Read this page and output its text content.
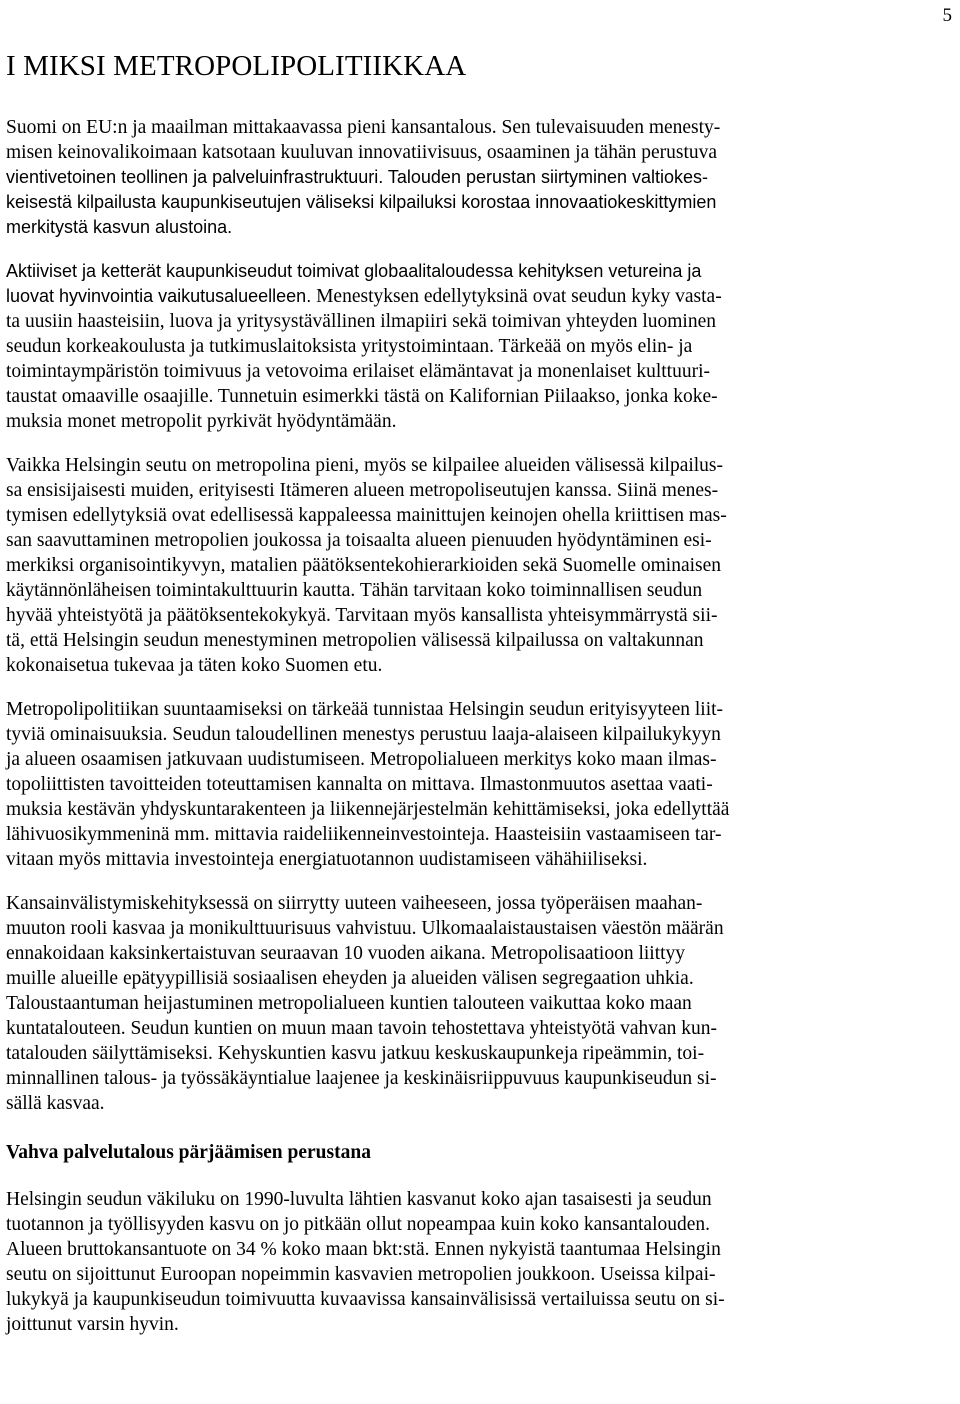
5
I MIKSI METROPOLIPOLITIIKKAA

Suomi on EU:n ja maailman mittakaavassa pieni kansantalous. Sen tulevaisuuden menesty-
misen keinovalikoimaan katsotaan kuuluvan innovatiivisuus, osaaminen ja tähän perustuva
vientivetoinen teollinen ja palveluinfrastruktuuri. Talouden perustan siirtyminen valtiokes-
keisestä kilpailusta kaupunkiseutujen väliseksi kilpailuksi korostaa innovaatiokeskittymien
merkitystä kasvun alustoina.

Aktiiviset ja ketterät kaupunkiseudut toimivat globaalitaloudessa kehityksen vetureina ja
luovat hyvinvointia vaikutusalueelleen. Menestyksen edellytyksinä ovat seudun kyky vasta-
ta uusiin haasteisiin, luova ja yritysystävällinen ilmapiiri sekä toimivan yhteyden luominen
seudun korkeakoulusta ja tutkimuslaitoksista yritystoimintaan. Tärkeää on myös elin- ja
toimintaympäristön toimivuus ja vetovoima erilaiset elämäntavat ja monenlaiset kulttuuri-
taustat omaaville osaajille. Tunnetuin esimerkki tästä on Kalifornian Piilaakso, jonka koke-
muksia monet metropolit pyrkivät hyödyntämään.

Vaikka Helsingin seutu on metropolina pieni, myös se kilpailee alueiden välisessä kilpailus-
sa ensisijaisesti muiden, erityisesti Itämeren alueen metropoliseutujen kanssa. Siinä menes-
tymisen edellytyksiä ovat edellisessä kappaleessa mainittujen keinojen ohella kriittisen mas-
san saavuttaminen metropolien joukossa ja toisaalta alueen pienuuden hyödyntäminen esi-
merkiksi organisointikyvyn, matalien päätöksentekohierarkioiden sekä Suomelle ominaisen
käytännönläheisen toimintakulttuurin kautta. Tähän tarvitaan koko toiminnallisen seudun
hyvää yhteistyötä ja päätöksentekokykyä. Tarvitaan myös kansallista yhteisymmärrystä sii-
tä, että Helsingin seudun menestyminen metropolien välisessä kilpailussa on valtakunnan
kokonaisetua tukevaa ja täten koko Suomen etu.

Metropolipolitiikan suuntaamiseksi on tärkeää tunnistaa Helsingin seudun erityisyyteen liit-
tyviä ominaisuuksia. Seudun taloudellinen menestys perustuu laaja-alaiseen kilpailukykyyn
ja alueen osaamisen jatkuvaan uudistumiseen. Metropolialueen merkitys koko maan ilmas-
topoliittisten tavoitteiden toteuttamisen kannalta on mittava. Ilmastonmuutos asettaa vaati-
muksia kestävän yhdyskuntarakenteen ja liikennejärjestelmän kehittämiseksi, joka edellyttää
lähivuosikymmeninä mm. mittavia raideliikenneinvestointeja. Haasteisiin vastaamiseen tar-
vitaan myös mittavia investointeja energiatuotannon uudistamiseen vähähiiliseksi.

Kansainvälistymiskehityksessä on siirrytty uuteen vaiheeseen, jossa työperäisen maahan-
muuton rooli kasvaa ja monikulttuurisuus vahvistuu. Ulkomaalaistaustaisen väestön määrän
ennakoidaan kaksinkertaistuvan seuraavan 10 vuoden aikana. Metropolisaatioon liittyy
muille alueille epätyypillisiä sosiaalisen eheyden ja alueiden välisen segregaation uhkia.
Taloustaantuman heijastuminen metropolialueen kuntien talouteen vaikuttaa koko maan
kuntatalouteen. Seudun kuntien on muun maan tavoin tehostettava yhteistyötä vahvan kun-
tatalouden säilyttämiseksi. Kehyskuntien kasvu jatkuu keskuskaupunkeja ripeämmin, toi-
minnallinen talous- ja työssäkäyntialue laajenee ja keskinäisriippuvuus kaupunkiseudun si-
sällä kasvaa.

Vahva palvelutalous pärjäämisen perustana

Helsingin seudun väkiluku on 1990-luvulta lähtien kasvanut koko ajan tasaisesti ja seudun
tuotannon ja työllisyyden kasvu on jo pitkään ollut nopeampaa kuin koko kansantalouden.
Alueen bruttokansantuote on 34 % koko maan bkt:stä. Ennen nykyistä taantumaa Helsingin
seutu on sijoittunut Euroopan nopeimmin kasvavien metropolien joukkoon. Useissa kilpai-
lukykyä ja kaupunkiseudun toimivuutta kuvaavissa kansainvälisissä vertailuissa seutu on si-
joittunut varsin hyvin.
